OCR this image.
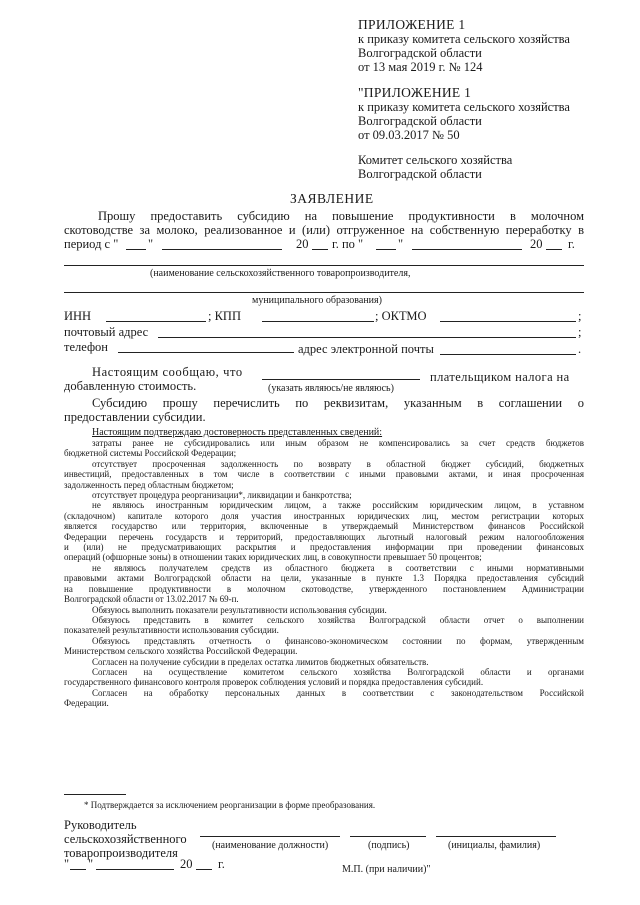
ПРИЛОЖЕНИЕ 1
к приказу комитета сельского хозяйства
Волгоградской области
от 13 мая 2019 г. № 124
"ПРИЛОЖЕНИЕ 1
к приказу комитета сельского хозяйства
Волгоградской области
от 09.03.2017 № 50
Комитет сельского хозяйства
Волгоградской области
ЗАЯВЛЕНИЕ
Прошу предоставить субсидию на повышение продуктивности в молочном
скотоводстве за молоко, реализованное и (или) отгруженное на собственную переработку в
период с " "	20 г. по "	"	20 г.
(наименование сельскохозяйственного товаропроизводителя,
муниципального образования)
ИНН	; КПП	; ОКТМО	;
почтовый адрес	;
телефон	адрес электронной почты	.
Настоящим сообщаю, что	плательщиком налога на
добавленную стоимость.	(указать являюсь/не являюсь)
Субсидию прошу перечислить по реквизитам, указанным в соглашении о
предоставлении субсидии.
Настоящим подтверждаю достоверность представленных сведений:
затраты ранее не субсидировались или иным образом не компенсировались за счет средств бюджетов
бюджетной системы Российской Федерации;
отсутствует просроченная задолженность по возврату в областной бюджет субсидий, бюджетных
инвестиций, предоставленных в том числе в соответствии с иными правовыми актами, и иная просроченная
задолженность перед областным бюджетом;
отсутствует процедура реорганизации*, ликвидации и банкротства;
не являюсь иностранным юридическим лицом, а также российским юридическим лицом, в уставном
(складочном) капитале которого доля участия иностранных юридических лиц, местом регистрации которых
является государство или территория, включенные в утверждаемый Министерством финансов Российской
Федерации перечень государств и территорий, предоставляющих льготный налоговый режим налогообложения
и (или) не предусматривающих раскрытия и предоставления информации при проведении финансовых
операций (офшорные зоны) в отношении таких юридических лиц, в совокупности превышает 50 процентов;
не являюсь получателем средств из областного бюджета в соответствии с иными нормативными
правовыми актами Волгоградской области на цели, указанные в пункте 1.3 Порядка предоставления субсидий
на повышение продуктивности в молочном скотоводстве, утвержденного постановлением Администрации
Волгоградской области от 13.02.2017 № 69-п.
Обязуюсь выполнить показатели результативности использования субсидии.
Обязуюсь представить в комитет сельского хозяйства Волгоградской области отчет о выполнении
показателей результативности использования субсидии.
Обязуюсь представлять отчетность о финансово-экономическом состоянии по формам, утвержденным
Министерством сельского хозяйства Российской Федерации.
Согласен на получение субсидии в пределах остатка лимитов бюджетных обязательств.
Согласен на осуществление комитетом сельского хозяйства Волгоградской области и органами
государственного финансового контроля проверок соблюдения условий и порядка предоставления субсидий.
Согласен на обработку персональных данных в соответствии с законодательством Российской
Федерации.
* Подтверждается за исключением реорганизации в форме преобразования.
Руководитель
сельскохозяйственного
товаропроизводителя
(наименование должности)	(подпись)	(инициалы, фамилия)
" "	20 г.	М.П. (при наличии)"
